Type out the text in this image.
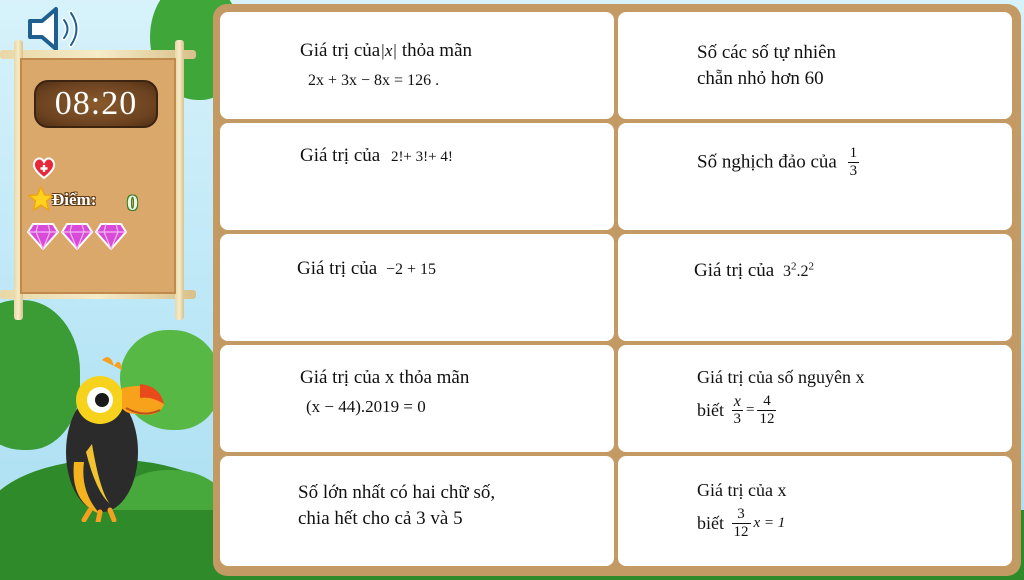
08:20
Điểm: 0
Giá trị của|x| thỏa mãn
2x + 3x − 8x = 126 .
Số các số tự nhiên
chẵn nhỏ hơn 60
Giá trị của 2!+ 3!+ 4!	Số nghịch đảo của $\frac{1}{3}$
Giá trị của −2 + 15	Giá trị của $3^2.2^2$
Giá trị của x thỏa mãn
(x − 44).2019 = 0
Giá trị của số nguyên x
biết $\frac{x}{3} = \frac{4}{12}$
Số lớn nhất có hai chữ số,
chia hết cho cả 3 và 5
Giá trị của x
biết $\frac{3}{12}$ x = 1
